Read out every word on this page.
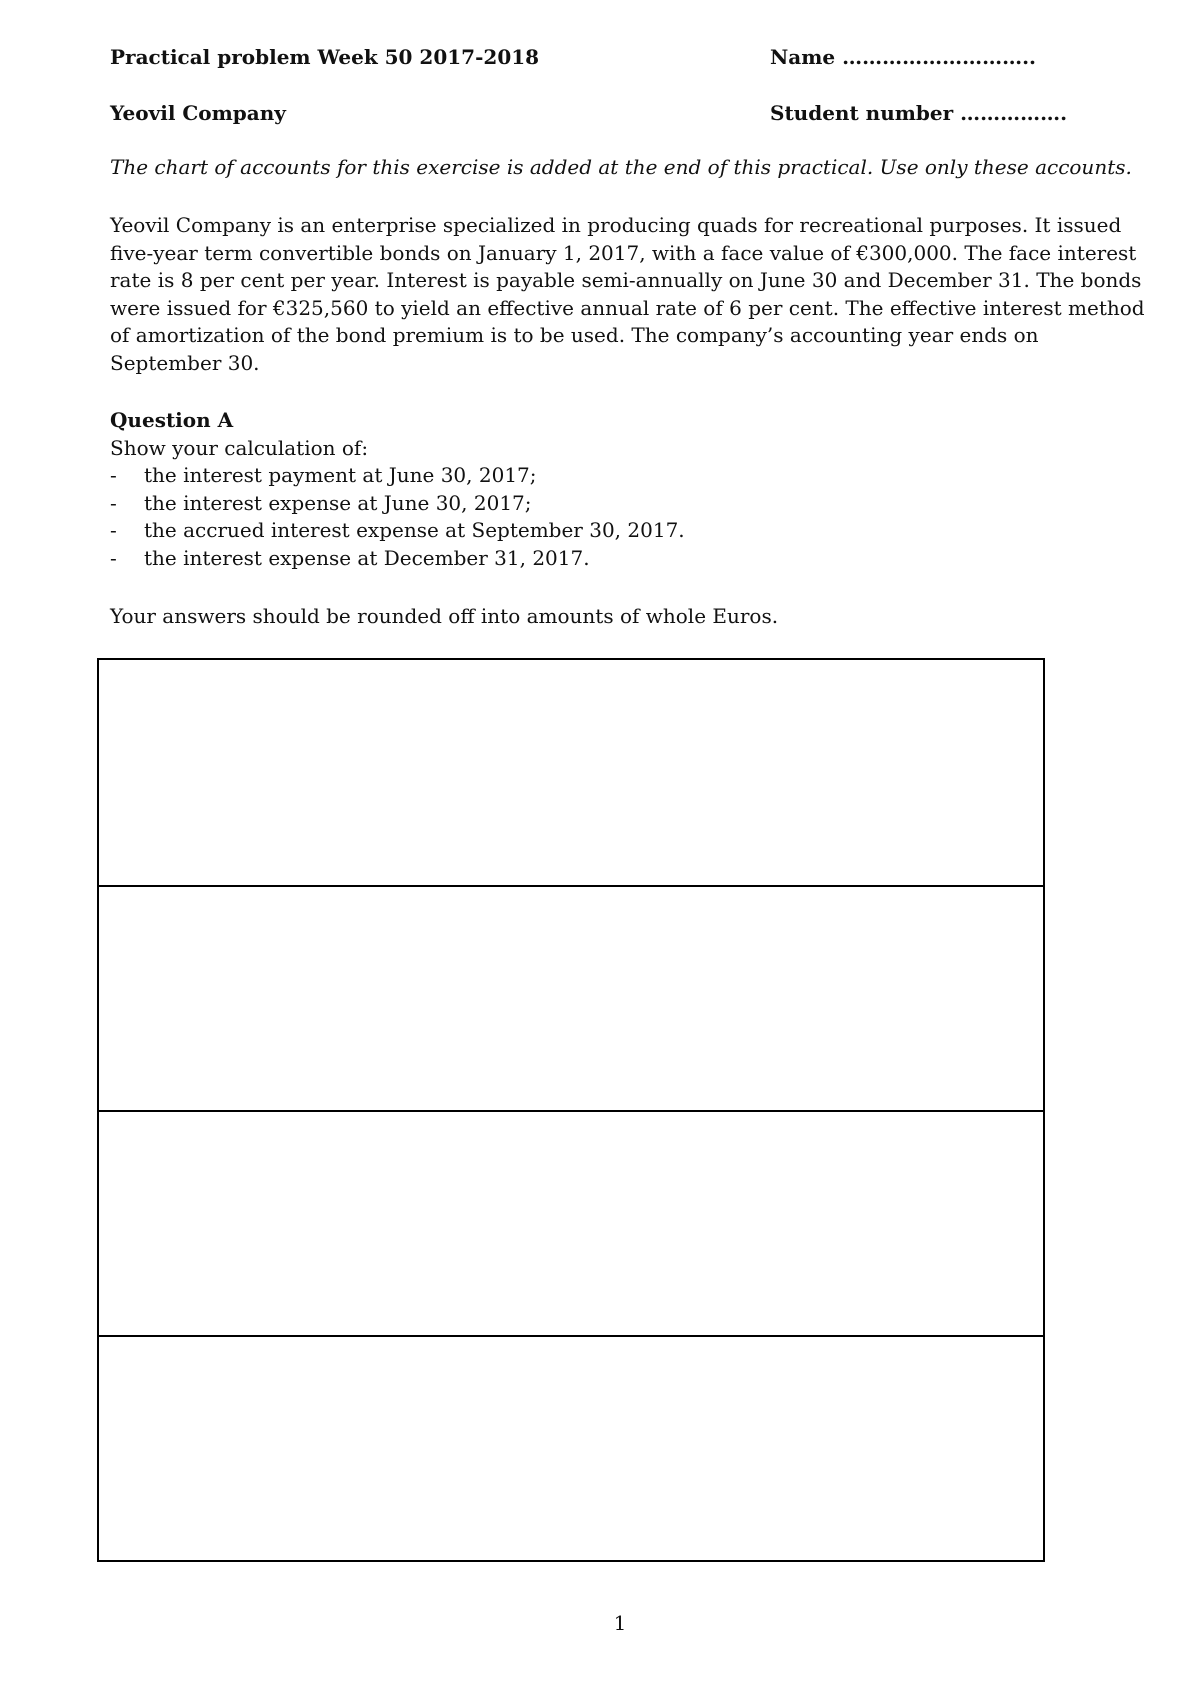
Practical problem Week 50 2017-2018	Name ………………………..
Yeovil Company	Student number …………….
The chart of accounts for this exercise is added at the end of this practical. Use only these accounts.
Yeovil Company is an enterprise specialized in producing quads for recreational purposes. It issued
five-year term convertible bonds on January 1, 2017, with a face value of €300,000. The face interest
rate is 8 per cent per year. Interest is payable semi-annually on June 30 and December 31. The bonds
were issued for €325,560 to yield an effective annual rate of 6 per cent. The effective interest method
of amortization of the bond premium is to be used. The company’s accounting year ends on
September 30.
Question A
Show your calculation of:
- the interest payment at June 30, 2017;
- the interest expense at June 30, 2017;
- the accrued interest expense at September 30, 2017.
- the interest expense at December 31, 2017.
Your answers should be rounded off into amounts of whole Euros.
1
